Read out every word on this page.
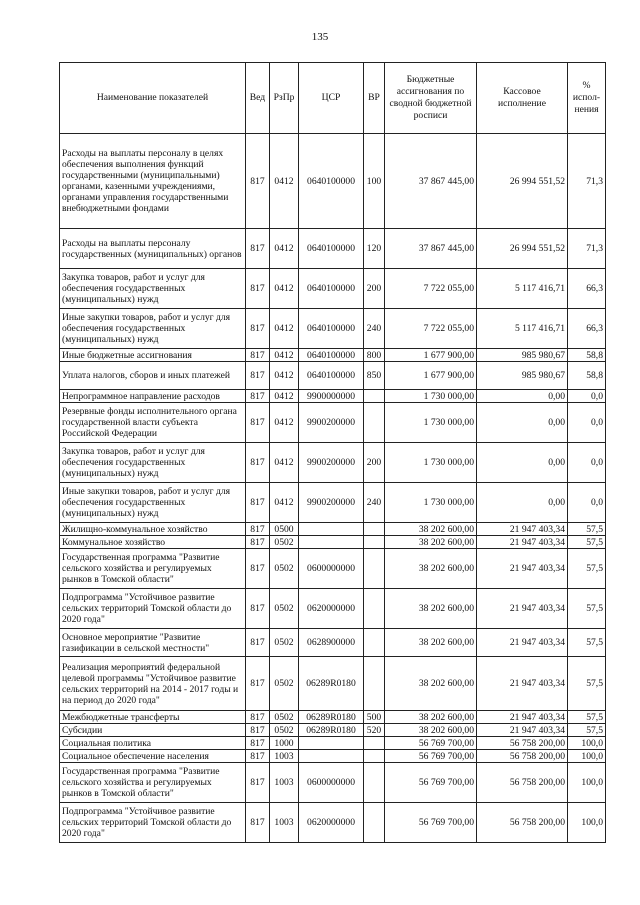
135
Наименование показателей	Вед	РзПр	ЦСР	ВР	Бюджетные ассигнования по сводной бюджетной росписи	Кассовое исполнение	% испол-нения
Расходы на выплаты персоналу в целях обеспечения выполнения функций государственными (муниципальными) органами, казенными учреждениями, органами управления государственными внебюджетными фондами	817	0412	0640100000	100	37 867 445,00	26 994 551,52	71,3
Расходы на выплаты персоналу государственных (муниципальных) органов	817	0412	0640100000	120	37 867 445,00	26 994 551,52	71,3
Закупка товаров, работ и услуг для обеспечения государственных (муниципальных) нужд	817	0412	0640100000	200	7 722 055,00	5 117 416,71	66,3
Иные закупки товаров, работ и услуг для обеспечения государственных (муниципальных) нужд	817	0412	0640100000	240	7 722 055,00	5 117 416,71	66,3
Иные бюджетные ассигнования	817	0412	0640100000	800	1 677 900,00	985 980,67	58,8
Уплата налогов, сборов и иных платежей	817	0412	0640100000	850	1 677 900,00	985 980,67	58,8
Непрограммное направление расходов	817	0412	9900000000		1 730 000,00	0,00	0,0
Резервные фонды исполнительного органа государственной власти субъекта Российской Федерации	817	0412	9900200000		1 730 000,00	0,00	0,0
Закупка товаров, работ и услуг для обеспечения государственных (муниципальных) нужд	817	0412	9900200000	200	1 730 000,00	0,00	0,0
Иные закупки товаров, работ и услуг для обеспечения государственных (муниципальных) нужд	817	0412	9900200000	240	1 730 000,00	0,00	0,0
Жилищно-коммунальное хозяйство	817	0500			38 202 600,00	21 947 403,34	57,5
Коммунальное хозяйство	817	0502			38 202 600,00	21 947 403,34	57,5
Государственная программа "Развитие сельского хозяйства и регулируемых рынков в Томской области"	817	0502	0600000000		38 202 600,00	21 947 403,34	57,5
Подпрограмма "Устойчивое развитие сельских территорий Томской области до 2020 года"	817	0502	0620000000		38 202 600,00	21 947 403,34	57,5
Основное мероприятие "Развитие газификации в сельской местности"	817	0502	0628900000		38 202 600,00	21 947 403,34	57,5
Реализация мероприятий федеральной целевой программы "Устойчивое развитие сельских территорий на 2014 - 2017 годы и на период до 2020 года"	817	0502	06289R0180		38 202 600,00	21 947 403,34	57,5
Межбюджетные трансферты	817	0502	06289R0180	500	38 202 600,00	21 947 403,34	57,5
Субсидии	817	0502	06289R0180	520	38 202 600,00	21 947 403,34	57,5
Социальная политика	817	1000			56 769 700,00	56 758 200,00	100,0
Социальное обеспечение населения	817	1003			56 769 700,00	56 758 200,00	100,0
Государственная программа "Развитие сельского хозяйства и регулируемых рынков в Томской области"	817	1003	0600000000		56 769 700,00	56 758 200,00	100,0
Подпрограмма "Устойчивое развитие сельских территорий Томской области до 2020 года"	817	1003	0620000000		56 769 700,00	56 758 200,00	100,0
